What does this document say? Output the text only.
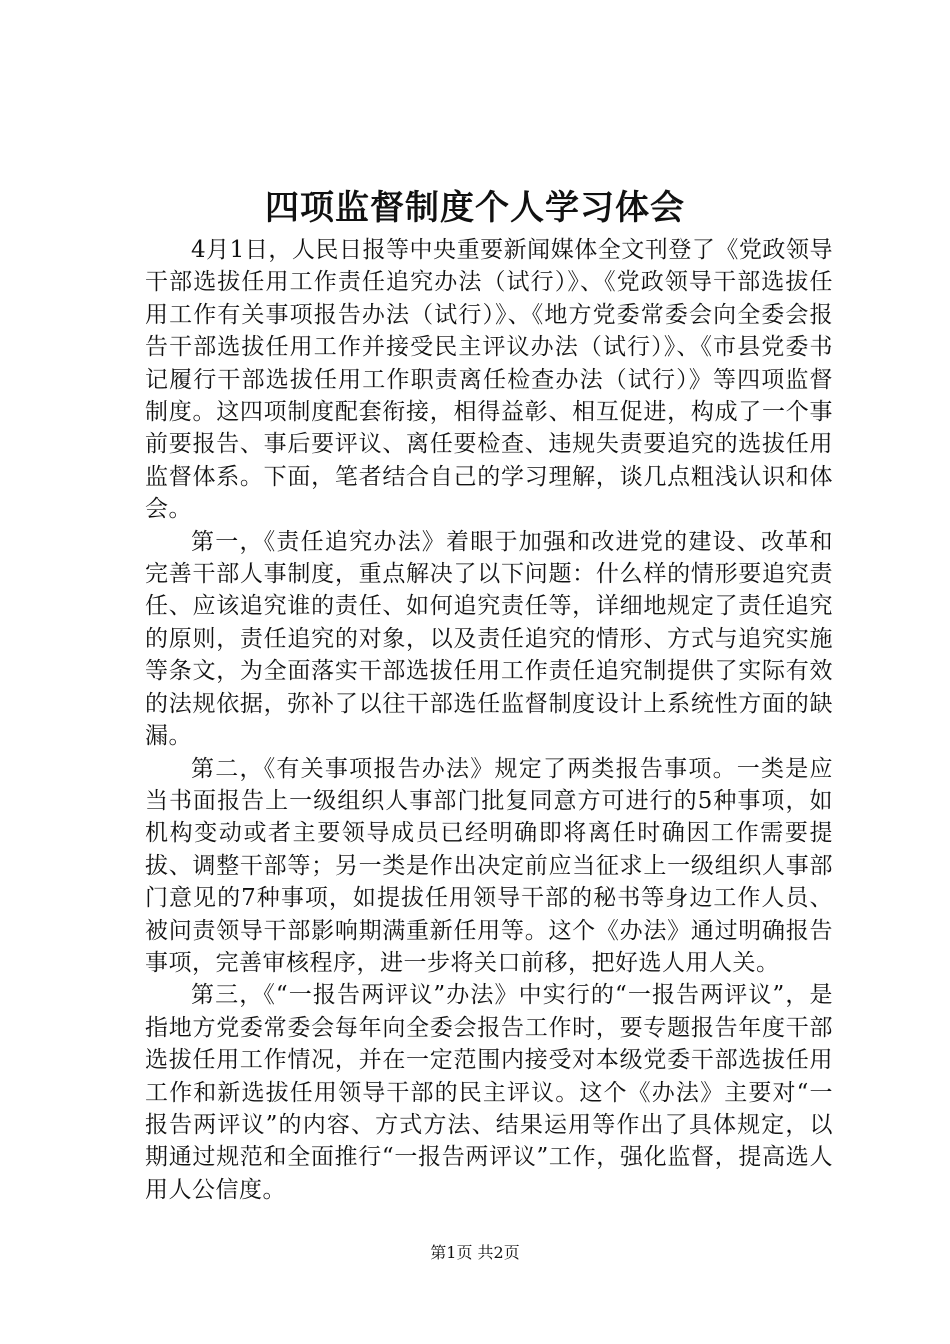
四项监督制度个人学习体会

4月1日，人民日报等中央重要新闻媒体全文刊登了《党政领导干部选拔任用工作责任追究办法（试行）》、《党政领导干部选拔任用工作有关事项报告办法（试行）》、《地方党委常委会向全委会报告干部选拔任用工作并接受民主评议办法（试行）》、《市县党委书记履行干部选拔任用工作职责离任检查办法（试行）》等四项监督制度。这四项制度配套衔接，相得益彰、相互促进，构成了一个事前要报告、事后要评议、离任要检查、违规失责要追究的选拔任用监督体系。下面，笔者结合自己的学习理解，谈几点粗浅认识和体会。

第一，《责任追究办法》着眼于加强和改进党的建设、改革和完善干部人事制度，重点解决了以下问题：什么样的情形要追究责任、应该追究谁的责任、如何追究责任等，详细地规定了责任追究的原则，责任追究的对象，以及责任追究的情形、方式与追究实施等条文，为全面落实干部选拔任用工作责任追究制提供了实际有效的法规依据，弥补了以往干部选任监督制度设计上系统性方面的缺漏。

第二，《有关事项报告办法》规定了两类报告事项。一类是应当书面报告上一级组织人事部门批复同意方可进行的5种事项，如机构变动或者主要领导成员已经明确即将离任时确因工作需要提拔、调整干部等；另一类是作出决定前应当征求上一级组织人事部门意见的7种事项，如提拔任用领导干部的秘书等身边工作人员、被问责领导干部影响期满重新任用等。这个《办法》通过明确报告事项，完善审核程序，进一步将关口前移，把好选人用人关。

第三，《“一报告两评议”办法》中实行的“一报告两评议”，是指地方党委常委会每年向全委会报告工作时，要专题报告年度干部选拔任用工作情况，并在一定范围内接受对本级党委干部选拔任用工作和新选拔任用领导干部的民主评议。这个《办法》主要对“一报告两评议”的内容、方式方法、结果运用等作出了具体规定，以期通过规范和全面推行“一报告两评议”工作，强化监督，提高选人用人公信度。

第1页 共2页
